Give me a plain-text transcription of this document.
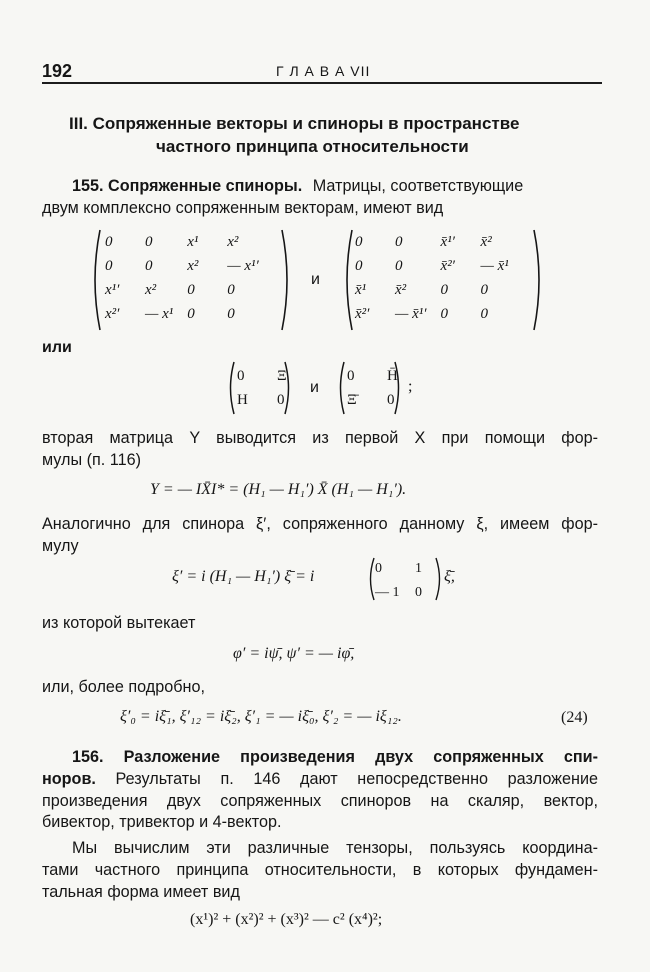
192	Г Л А В А VII
III. Сопряженные векторы и спиноры в пространстве
частного принципа относительности
155. Сопряженные спиноры. Матрицы, соответствующие
двум комплексно сопряженным векторам, имеют вид
0	0	x¹	x²
0	0	x²	— x¹′
x¹′	x²	0	0
x²′	— x¹	0	0
и
0	0	x̄¹′	x̄²
0	0	x̄²′	— x̄¹
x̄¹	x̄²	0	0
x̄²′	— x̄¹′	0	0
или
0	Ξ
H	0
и
0	H̄
Ξ̄	0
;
вторая матрица Y выводится из первой X при помощи фор-
мулы (п. 116)
Y = — IX̄I* = (H₁ — H₁′) X̄ (H₁ — H₁′).
Аналогично для спинора ξ′, сопряженного данному ξ, имеем фор-
мулу
ξ′ = i (H₁ — H₁′) ξ̄ = i	0	1
— 1	0
ξ̄,
из которой вытекает
φ′ = iψ̄, ψ′ = — iφ̄,
или, более подробно,
ξ′₀ = iξ̄₁, ξ′₁₂ = iξ̄₂, ξ′₁ = — iξ̄₀, ξ′₂ = — iξ₁₂.	(24)
156. Разложение произведения двух сопряженных спи-
норов. Результаты п. 146 дают непосредственно разложение
произведения двух сопряженных спиноров на скаляр, вектор,
бивектор, тривектор и 4-вектор.
Мы вычислим эти различные тензоры, пользуясь координа-
тами частного принципа относительности, в которых фундамен-
тальная форма имеет вид
(x¹)² + (x²)² + (x³)² — c² (x⁴)²;
